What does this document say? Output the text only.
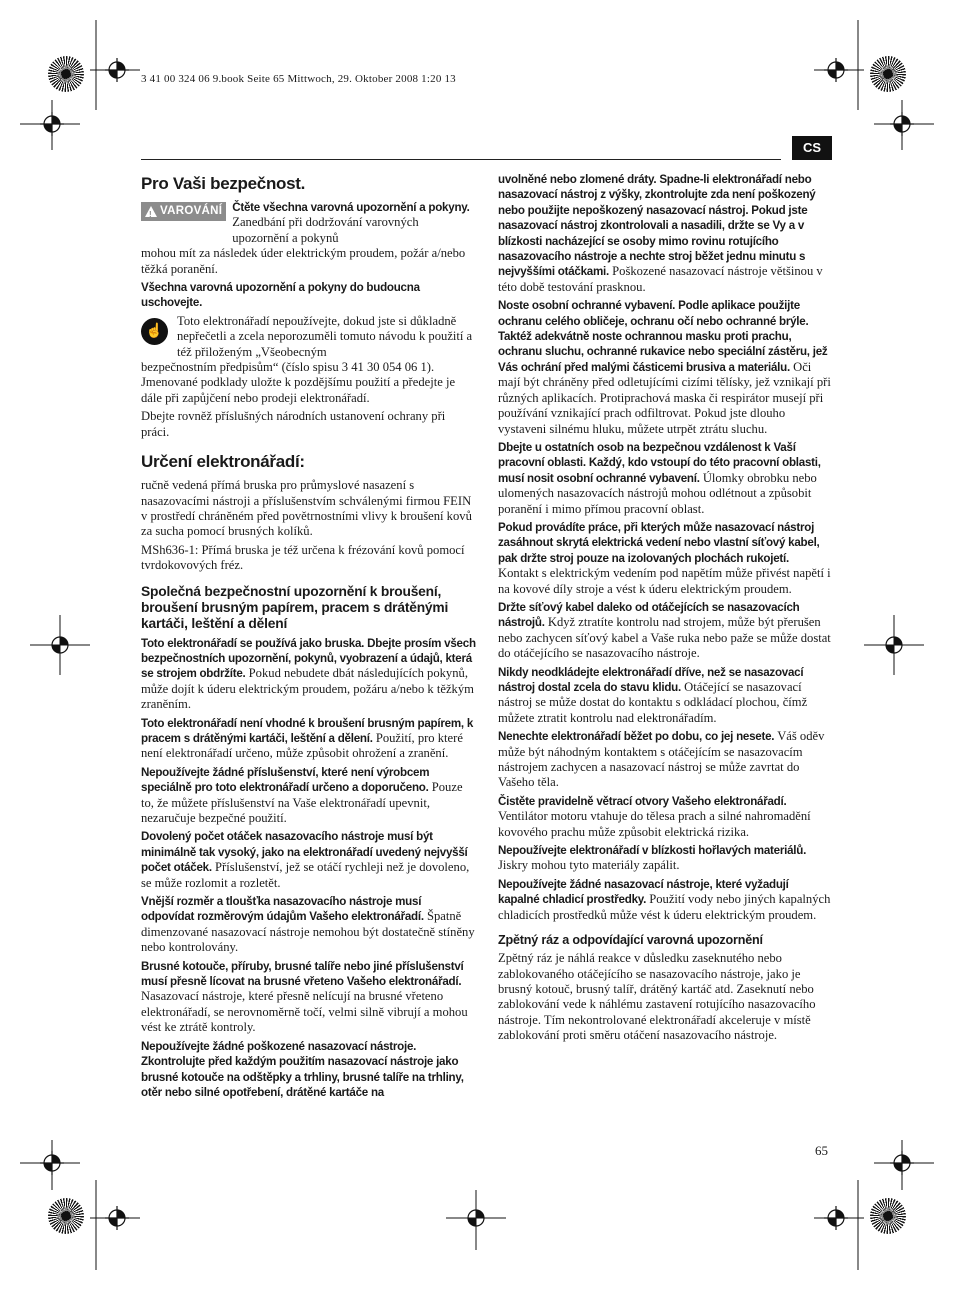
3 41 00 324 06 9.book Seite 65 Mittwoch, 29. Oktober 2008 1:20 13
CS
Pro Vaši bezpečnost.
!
VAROVÁNÍ Čtěte všechna varovná upozornění a pokyny. Zanedbání při dodržování varovných upozornění a pokynů

mohou mít za následek úder elektrickým proudem, požár a/nebo těžká poranění.

Všechna varovná upozornění a pokyny do budoucna uschovejte.

☝

Toto elektronářadí nepoužívejte, dokud jste si důkladně nepřečetli a zcela neporozuměli tomuto návodu k použití a též přiloženým „Všeobecným

bezpečnostním předpisům“ (číslo spisu 3 41 30 054 06 1). Jmenované podklady uložte k pozdějšímu použití a předejte je dále při zapůjčení nebo prodeji elektronářadí.

Dbejte rovněž příslušných národních ustanovení ochrany při práci.

Určení elektronářadí:

ručně vedená přímá bruska pro průmyslové nasazení s nasazovacími nástroji a příslušenstvím schválenými firmou FEIN v prostředí chráněném před povětrnostními vlivy k broušení kovů za sucha pomocí brusných kolíků.

MSh636-1: Přímá bruska je též určena k frézování kovů pomocí tvrdokovových fréz.

Společná bezpečnostní upozornění k broušení, broušení brusným papírem, pracem s drátěnými kartáči, leštění a dělení

Toto elektronářadí se používá jako bruska. Dbejte prosím všech bezpečnostních upozornění, pokynů, vyobrazení a údajů, která se strojem obdržíte. Pokud nebudete dbát následujících pokynů, může dojít k úderu elektrickým proudem, požáru a/nebo k těžkým zraněním.

Toto elektronářadí není vhodné k broušení brusným papírem, k pracem s drátěnými kartáči, leštění a dělení. Použití, pro které není elektronářadí určeno, může způsobit ohrožení a zranění.

Nepoužívejte žádné příslušenství, které není výrobcem speciálně pro toto elektronářadí určeno a doporučeno. Pouze to, že můžete příslušenství na Vaše elektronářadí upevnit, nezaručuje bezpečné použití.

Dovolený počet otáček nasazovacího nástroje musí být minimálně tak vysoký, jako na elektronářadí uvedený nejvyšší počet otáček. Příslušenství, jež se otáčí rychleji než je dovoleno, se může rozlomit a rozletět.

Vnější rozměr a tloušťka nasazovacího nástroje musí odpovídat rozměrovým údajům Vašeho elektronářadí. Špatně dimenzované nasazovací nástroje nemohou být dostatečně stíněny nebo kontrolovány.

Brusné kotouče, příruby, brusné talíře nebo jiné příslušenství musí přesně lícovat na brusné vřeteno Vašeho elektronářadí. Nasazovací nástroje, které přesně nelícují na brusné vřeteno elektronářadí, se nerovnoměrně točí, velmi silně vibrují a mohou vést ke ztrátě kontroly.

Nepoužívejte žádné poškozené nasazovací nástroje. Zkontrolujte před každým použitím nasazovací nástroje jako brusné kotouče na odštěpky a trhliny, brusné talíře na trhliny, otěr nebo silné opotřebení, drátěné kartáče na

uvolněné nebo zlomené dráty. Spadne-li elektronářadí nebo nasazovací nástroj z výšky, zkontrolujte zda není poškozený nebo použijte nepoškozený nasazovací nástroj. Pokud jste nasazovací nástroj zkontrolovali a nasadili, držte se Vy a v blízkosti nacházející se osoby mimo rovinu rotujícího nasazovacího nástroje a nechte stroj běžet jednu minutu s nejvyššími otáčkami. Poškozené nasazovací nástroje většinou v této době testování prasknou.

Noste osobní ochranné vybavení. Podle aplikace použijte ochranu celého obličeje, ochranu očí nebo ochranné brýle. Taktéž adekvátně noste ochrannou masku proti prachu, ochranu sluchu, ochranné rukavice nebo speciální zástěru, jež Vás ochrání před malými částicemi brusiva a materiálu. Oči mají být chráněny před odletujícími cizími tělísky, jež vznikají při různých aplikacích. Protiprachová maska či respirátor musejí při používání vznikající prach odfiltrovat. Pokud jste dlouho vystaveni silnému hluku, můžete utrpět ztrátu sluchu.

Dbejte u ostatních osob na bezpečnou vzdálenost k Vaší pracovní oblasti. Každý, kdo vstoupí do této pracovní oblasti, musí nosit osobní ochranné vybavení. Úlomky obrobku nebo ulomených nasazovacích nástrojů mohou odlétnout a způsobit poranění i mimo přímou pracovní oblast.

Pokud provádíte práce, při kterých může nasazovací nástroj zasáhnout skrytá elektrická vedení nebo vlastní síťový kabel, pak držte stroj pouze na izolovaných plochách rukojetí. Kontakt s elektrickým vedením pod napětím může přivést napětí i na kovové díly stroje a vést k úderu elektrickým proudem.

Držte síťový kabel daleko od otáčejících se nasazovacích nástrojů. Když ztratíte kontrolu nad strojem, může být přerušen nebo zachycen síťový kabel a Vaše ruka nebo paže se může dostat do otáčejícího se nasazovacího nástroje.

Nikdy neodkládejte elektronářadí dříve, než se nasazovací nástroj dostal zcela do stavu klidu. Otáčející se nasazovací nástroj se může dostat do kontaktu s odkládací plochou, čímž můžete ztratit kontrolu nad elektronářadím.

Nenechte elektronářadí běžet po dobu, co jej nesete. Váš oděv může být náhodným kontaktem s otáčejícím se nasazovacím nástrojem zachycen a nasazovací nástroj se může zavrtat do Vašeho těla.

Čistěte pravidelně větrací otvory Vašeho elektronářadí. Ventilátor motoru vtahuje do tělesa prach a silné nahromadění kovového prachu může způsobit elektrická rizika.

Nepoužívejte elektronářadí v blízkosti hořlavých materiálů. Jiskry mohou tyto materiály zapálit.

Nepoužívejte žádné nasazovací nástroje, které vyžadují kapalné chladicí prostředky. Použití vody nebo jiných kapalných chladicích prostředků může vést k úderu elektrickým proudem.

Zpětný ráz a odpovídající varovná upozornění

Zpětný ráz je náhlá reakce v důsledku zaseknutého nebo zablokovaného otáčejícího se nasazovacího nástroje, jako je brusný kotouč, brusný talíř, drátěný kartáč atd. Zaseknutí nebo zablokování vede k náhlému zastavení rotujícího nasazovacího nástroje. Tím nekontrolované elektronářadí akceleruje v místě zablokování proti směru otáčení nasazovacího nástroje.

65
